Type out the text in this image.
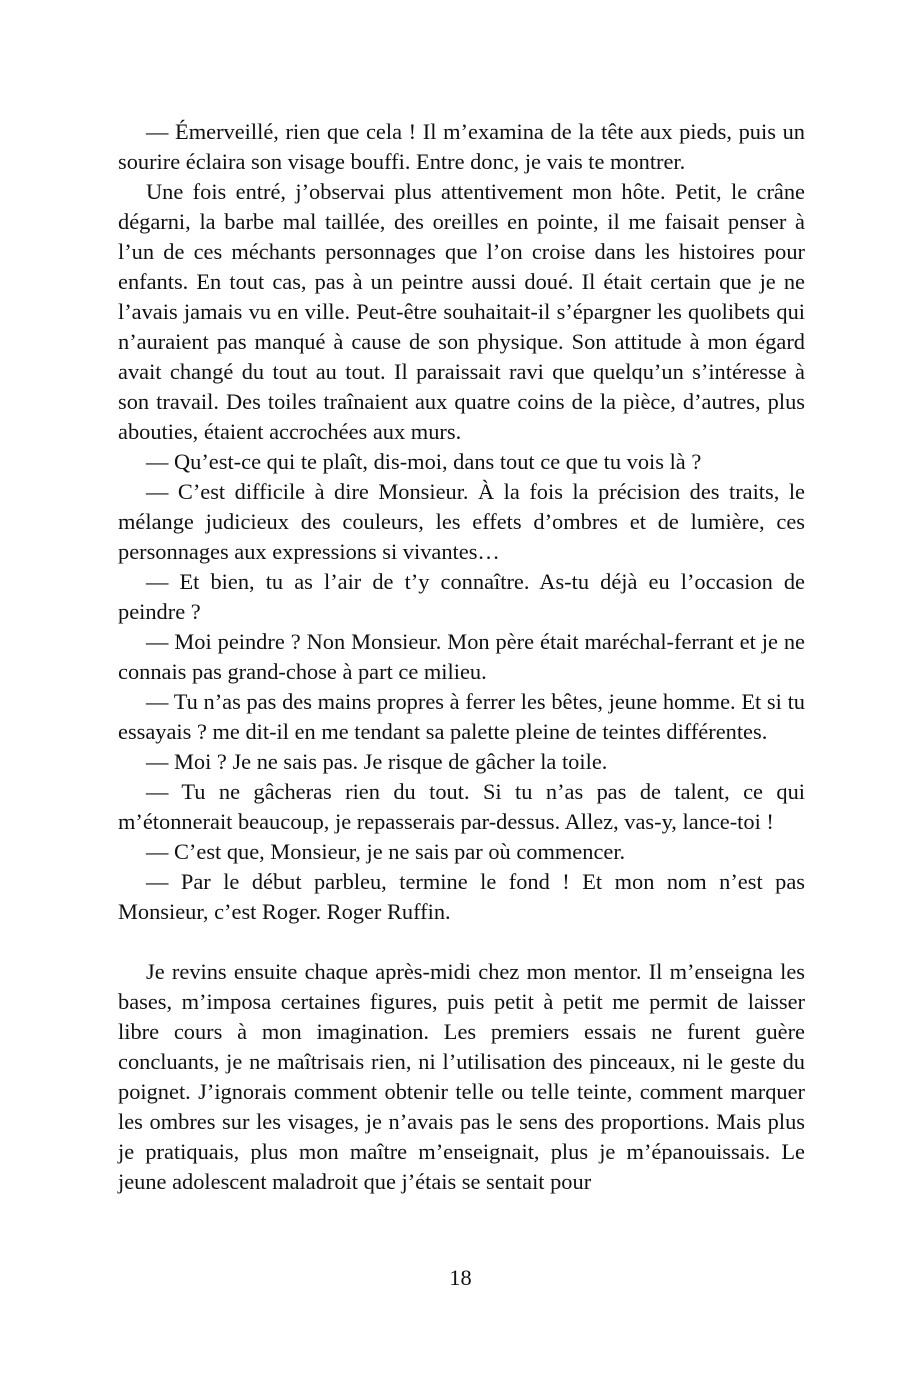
— Émerveillé, rien que cela ! Il m’examina de la tête aux pieds, puis un sourire éclaira son visage bouffi. Entre donc, je vais te montrer.

Une fois entré, j’observai plus attentivement mon hôte. Petit, le crâne dégarni, la barbe mal taillée, des oreilles en pointe, il me faisait penser à l’un de ces méchants personnages que l’on croise dans les histoires pour enfants. En tout cas, pas à un peintre aussi doué. Il était certain que je ne l’avais jamais vu en ville. Peut-être souhaitait-il s’épargner les quolibets qui n’auraient pas manqué à cause de son physique. Son attitude à mon égard avait changé du tout au tout. Il paraissait ravi que quelqu’un s’intéresse à son travail. Des toiles traînaient aux quatre coins de la pièce, d’autres, plus abouties, étaient accrochées aux murs.

— Qu’est-ce qui te plaît, dis-moi, dans tout ce que tu vois là ?

— C’est difficile à dire Monsieur. À la fois la précision des traits, le mélange judicieux des couleurs, les effets d’ombres et de lumière, ces personnages aux expressions si vivantes…

— Et bien, tu as l’air de t’y connaître. As-tu déjà eu l’occasion de peindre ?

— Moi peindre ? Non Monsieur. Mon père était maréchal-ferrant et je ne connais pas grand-chose à part ce milieu.

— Tu n’as pas des mains propres à ferrer les bêtes, jeune homme. Et si tu essayais ? me dit-il en me tendant sa palette pleine de teintes différentes.

— Moi ? Je ne sais pas. Je risque de gâcher la toile.

— Tu ne gâcheras rien du tout. Si tu n’as pas de talent, ce qui m’étonnerait beaucoup, je repasserais par-dessus. Allez, vas-y, lance-toi !

— C’est que, Monsieur, je ne sais par où commencer.

— Par le début parbleu, termine le fond ! Et mon nom n’est pas Monsieur, c’est Roger. Roger Ruffin.

Je revins ensuite chaque après-midi chez mon mentor. Il m’enseigna les bases, m’imposa certaines figures, puis petit à petit me permit de laisser libre cours à mon imagination. Les premiers essais ne furent guère concluants, je ne maîtrisais rien, ni l’utilisation des pinceaux, ni le geste du poignet. J’ignorais comment obtenir telle ou telle teinte, comment marquer les ombres sur les visages, je n’avais pas le sens des proportions. Mais plus je pratiquais, plus mon maître m’enseignait, plus je m’épanouissais. Le jeune adolescent maladroit que j’étais se sentait pour

18
